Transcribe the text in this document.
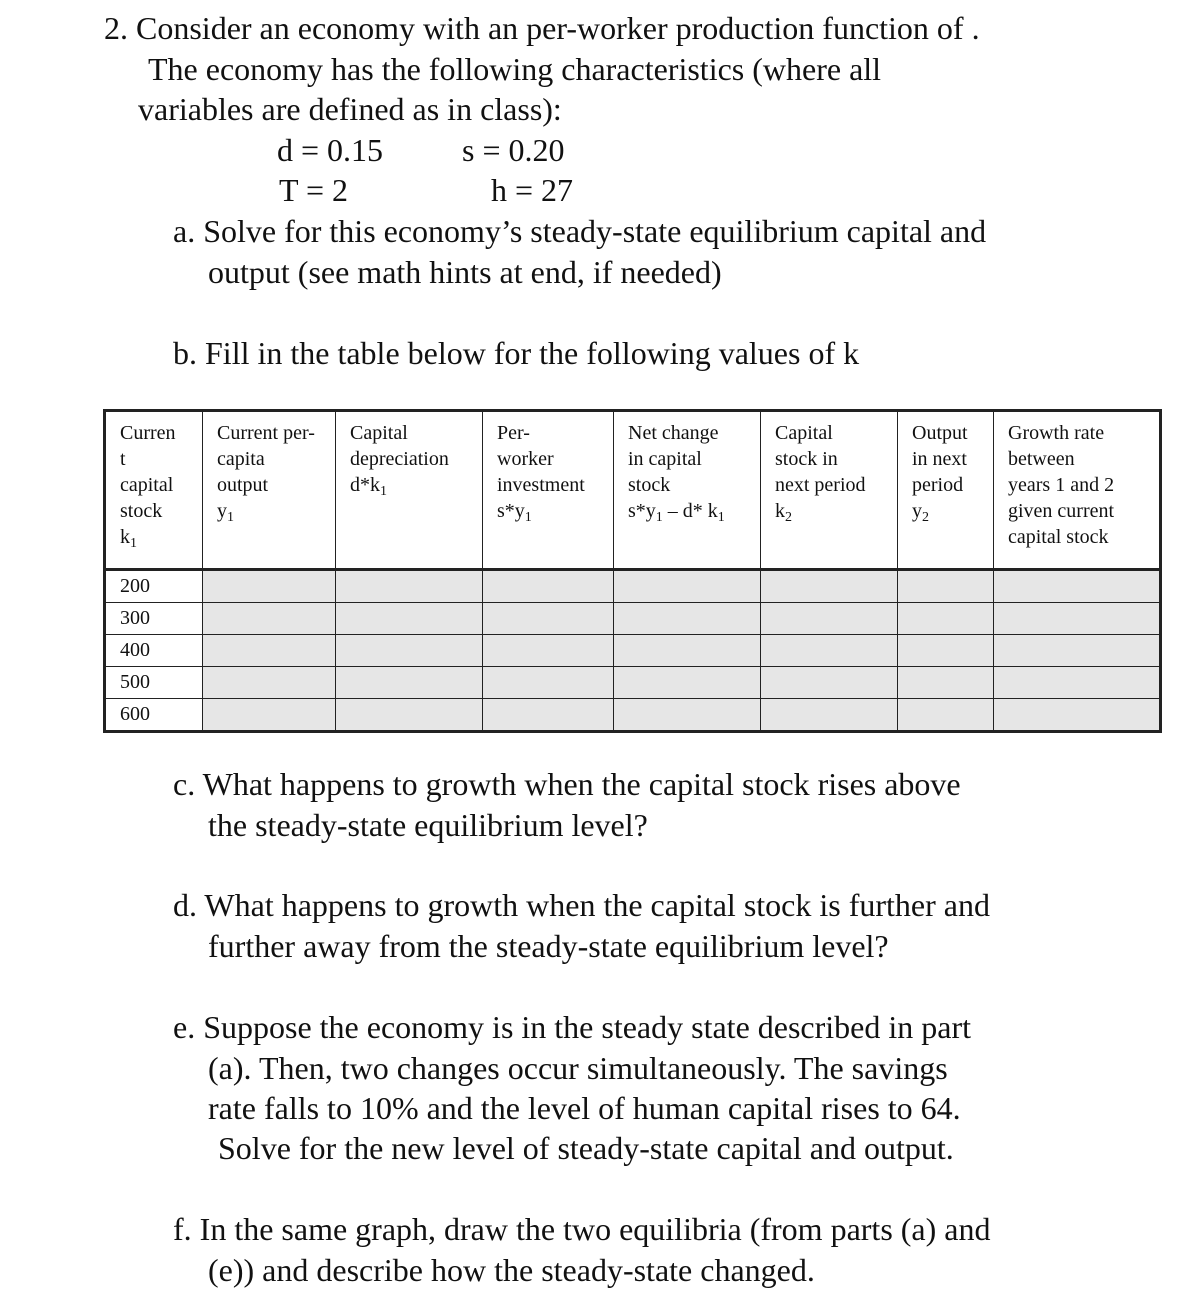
2. Consider an economy with an per-worker production function of .
The economy has the following characteristics (where all
variables are defined as in class):
d = 0.15 s = 0.20
T = 2	h = 27
a. Solve for this economy’s steady-state equilibrium capital and
output (see math hints at end, if needed)
b. Fill in the table below for the following values of k
Curren
t
capital
stock
$k_1$	Current per-
capita
output
$y_1$	Capital
depreciation
$d*k_1$	Per-
worker
investment
$s*y_1$	Net change
in capital
stock
$s*y_1 - d*$ $k_1$	Capital
stock in
next period
$k_2$	Output
in next
period
$y_2$	Growth rate
between
years 1 and 2
given current
capital stock

200							
300							
400							
500							
600							
c. What happens to growth when the capital stock rises above
the steady-state equilibrium level?
d. What happens to growth when the capital stock is further and
further away from the steady-state equilibrium level?
e. Suppose the economy is in the steady state described in part
(a). Then, two changes occur simultaneously. The savings
rate falls to 10% and the level of human capital rises to 64.
Solve for the new level of steady-state capital and output.
f. In the same graph, draw the two equilibria (from parts (a) and
(e)) and describe how the steady-state changed.
